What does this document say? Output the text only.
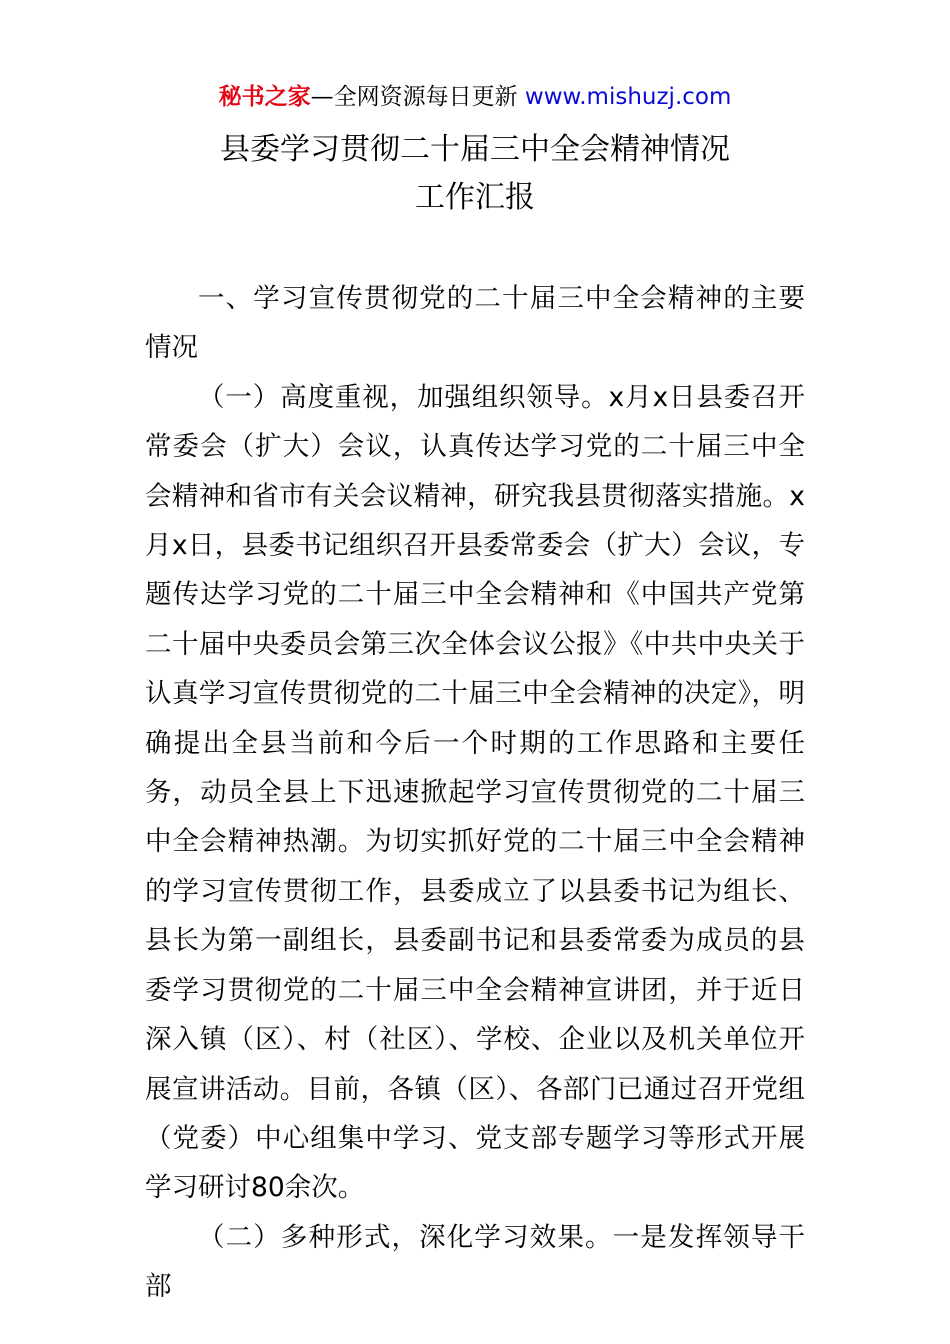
秘书之家—全网资源每日更新 www.mishuzj.com
县委学习贯彻二十届三中全会精神情况
工作汇报

一、学习宣传贯彻党的二十届三中全会精神的主要情况

（一）高度重视，加强组织领导。x月x日县委召开常委会（扩大）会议，认真传达学习党的二十届三中全会精神和省市有关会议精神，研究我县贯彻落实措施。x月x日，县委书记组织召开县委常委会（扩大）会议，专题传达学习党的二十届三中全会精神和《中国共产党第二十届中央委员会第三次全体会议公报》《中共中央关于认真学习宣传贯彻党的二十届三中全会精神的决定》，明确提出全县当前和今后一个时期的工作思路和主要任务，动员全县上下迅速掀起学习宣传贯彻党的二十届三中全会精神热潮。为切实抓好党的二十届三中全会精神的学习宣传贯彻工作，县委成立了以县委书记为组长、县长为第一副组长，县委副书记和县委常委为成员的县委学习贯彻党的二十届三中全会精神宣讲团，并于近日深入镇（区）、村（社区）、学校、企业以及机关单位开展宣讲活动。目前，各镇（区）、各部门已通过召开党组（党委）中心组集中学习、党支部专题学习等形式开展学习研讨80余次。

（二）多种形式，深化学习效果。一是发挥领导干部
